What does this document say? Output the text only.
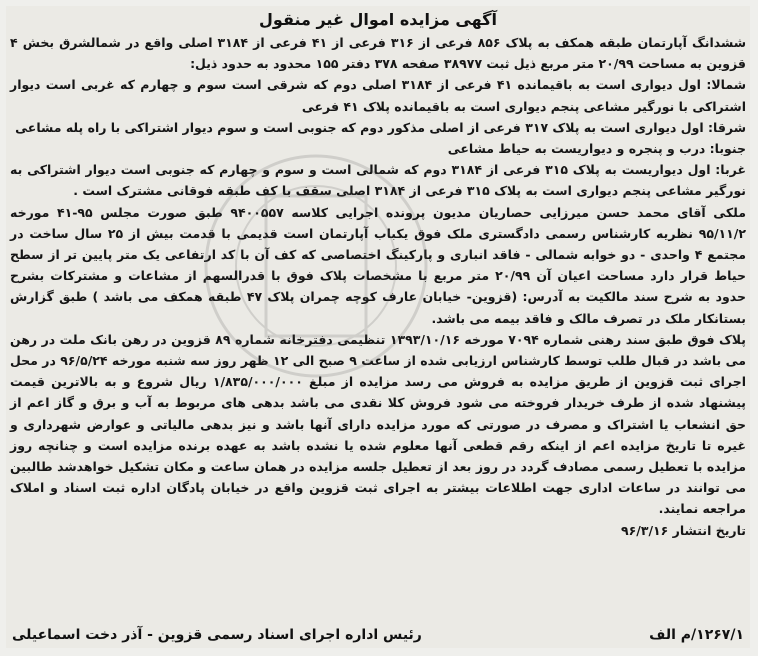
آگهی مزایده اموال غیر منقول
ششدانگ آپارتمان طبقه همکف به پلاک ۸۵۶ فرعی از ۳۱۶ فرعی از ۴۱ فرعی از ۳۱۸۴ اصلی واقع در شمالشرق بخش ۴ قزوین به مساحت ۲۰/۹۹ متر مربع ذیل ثبت ۳۸۹۷۷ صفحه ۳۷۸ دفتر ۱۵۵ محدود به حدود ذیل:
شمالا: اول دیواری است به باقیمانده ۴۱ فرعی از ۳۱۸۴ اصلی دوم که شرقی است سوم و چهارم که غربی است دیوار اشتراکی با نورگیر مشاعی پنجم دیواری است به باقیمانده پلاک ۴۱ فرعی
شرقا: اول دیواری است به پلاک ۳۱۷ فرعی از اصلی مذکور دوم که جنوبی است و سوم دیوار اشتراکی با راه پله مشاعی
جنوبا: درب و پنجره و دیواریست به حیاط مشاعی
غربا: اول دیواریست به پلاک ۳۱۵ فرعی از ۳۱۸۴ دوم که شمالی است و سوم و چهارم که جنوبی است دیوار اشتراکی به نورگیر مشاعی پنجم دیواری است به پلاک ۳۱۵ فرعی از ۳۱۸۴ اصلی سقف با کف طبقه فوقانی مشترک است .
ملکی آقای محمد حسن میرزایی حصاریان مدیون پرونده اجرایی کلاسه ۹۴۰۰۵۵۷ طبق صورت مجلس ۹۵-۴۱ مورخه ۹۵/۱۱/۲ نظریه کارشناس رسمی دادگستری ملک فوق یکباب آپارتمان است قدیمی با قدمت بیش از ۲۵ سال ساخت در مجتمع ۴ واحدی - دو خوابه شمالی - فاقد انباری و پارکینگ اختصاصی که کف آن با کد ارتفاعی یک متر پایین تر از سطح حیاط قرار دارد مساحت اعیان آن ۲۰/۹۹ متر مربع با مشخصات پلاک فوق با قدرالسهم از مشاعات و مشترکات بشرح حدود به شرح سند مالکیت به آدرس: (قزوین- خیابان عارف کوچه چمران پلاک ۴۷ طبقه همکف می باشد ) طبق گزارش بستانکار ملک در تصرف مالک و فاقد بیمه می باشد.
پلاک فوق طبق سند رهنی شماره ۷۰۹۴ مورخه ۱۳۹۳/۱۰/۱۶ تنظیمی دفترخانه شماره ۸۹ قزوین در رهن بانک ملت در رهن می باشد در قبال طلب توسط کارشناس ارزیابی شده از ساعت ۹ صبح الی ۱۲ ظهر روز سه شنبه مورخه ۹۶/۵/۲۴ در محل اجرای ثبت قزوین از طریق مزایده به فروش می رسد مزایده از مبلغ ۱/۸۳۵/۰۰۰/۰۰۰ ریال شروع و به بالاترین قیمت پیشنهاد شده از طرف خریدار فروخته می شود فروش کلا نقدی می باشد بدهی های مربوط به آب و برق و گاز اعم از حق انشعاب یا اشتراک و مصرف در صورتی که مورد مزایده دارای آنها باشد و نیز بدهی مالیاتی و عوارض شهرداری و غیره تا تاریخ مزایده اعم از اینکه رقم قطعی آنها معلوم شده یا نشده باشد به عهده برنده مزایده است و چنانچه روز مزایده با تعطیل رسمی مصادف گردد در روز بعد از تعطیل جلسه مزایده در همان ساعت و مکان تشکیل خواهدشد طالبین می توانند در ساعات اداری جهت اطلاعات بیشتر به اجرای ثبت قزوین واقع در خیابان پادگان اداره ثبت اسناد و املاک مراجعه نمایند.
تاریخ انتشار ۹۶/۳/۱۶
۱۲۶۷/۱/م الف
رئیس اداره اجرای اسناد رسمی قزوین - آذر دخت اسماعیلی
